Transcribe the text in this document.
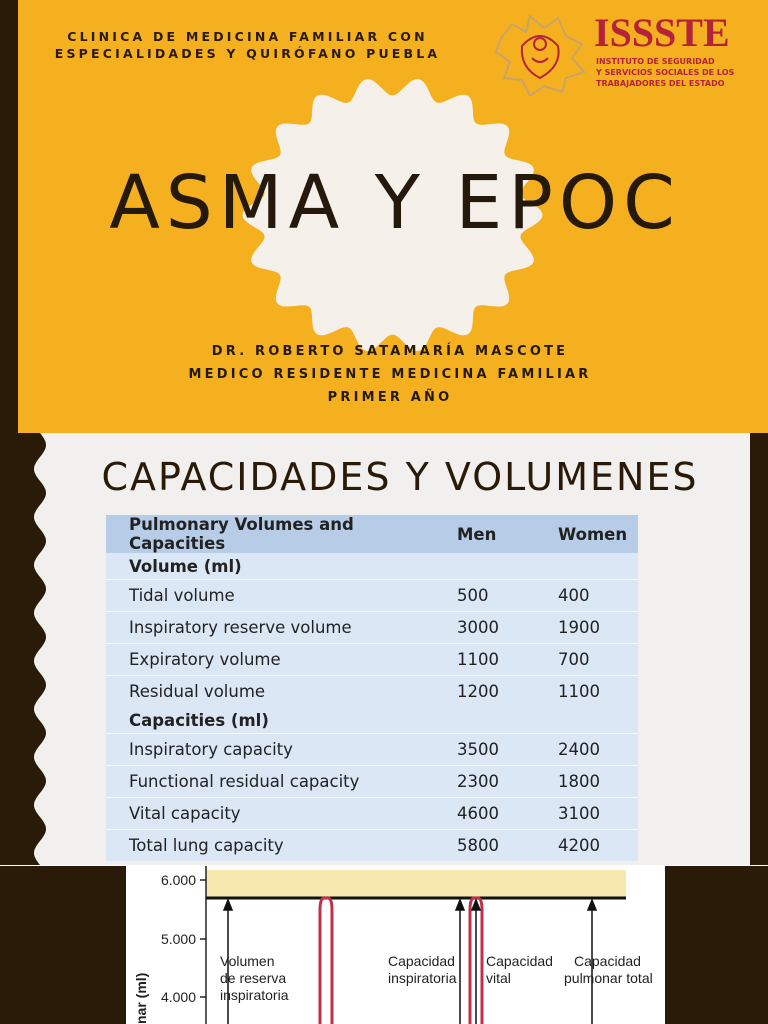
CLINICA DE MEDICINA FAMILIAR CON
ESPECIALIDADES Y QUIRÓFANO PUEBLA	ISSSTE
INSTITUTO DE SEGURIDAD
Y SERVICIOS SOCIALES DE LOS
TRABAJADORES DEL ESTADO
ASMA Y EPOC
DR. ROBERTO SATAMARÍA MASCOTE
MEDICO RESIDENTE MEDICINA FAMILIAR
PRIMER AÑO
CAPACIDADES Y VOLUMENES
Pulmonary Volumes and Capacities	Men	Women
Volume (ml)		
Tidal volume	500	400
Inspiratory reserve volume	3000	1900
Expiratory volume	1100	700
Residual volume	1200	1100
Capacities (ml)		
Inspiratory capacity	3500	2400
Functional residual capacity	2300	1800
Vital capacity	4600	3100
Total lung capacity	5800	4200
6.000
5.000
4.000
nar (ml)
Volumen
de reserva
inspiratoria
Capacidad
inspiratoria
Capacidad
vital
Capacidad
pulmonar total
